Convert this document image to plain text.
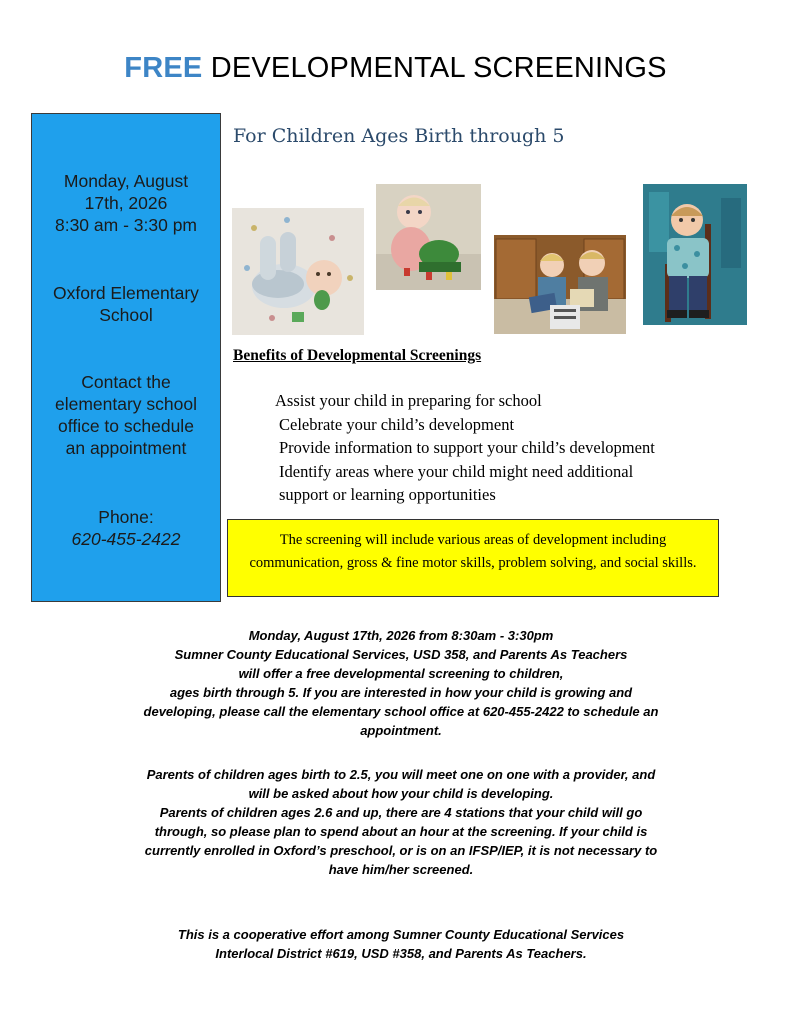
FREE DEVELOPMENTAL SCREENINGS
Monday, August
17th, 2026
8:30 am - 3:30 pm
Oxford Elementary
School
Contact the
elementary school
office to schedule
an appointment
Phone:
620-455-2422
For Children Ages Birth through 5
Benefits of Developmental Screenings
Assist your child in preparing for school
Celebrate your child’s development
Provide information to support your child’s development
Identify areas where your child might need additional
support or learning opportunities
The screening will include various areas of development including
communication, gross & fine motor skills, problem solving, and social skills.

Monday, August 17th, 2026 from 8:30am - 3:30pm

Sumner County Educational Services, USD 358, and Parents As Teachers

will offer a free developmental screening to children,

ages birth through 5. If you are interested in how your child is growing and

developing, please call the elementary school office at 620-455-2422 to schedule an

appointment.

Parents of children ages birth to 2.5, you will meet one on one with a provider, and

will be asked about how your child is developing.

Parents of children ages 2.6 and up, there are 4 stations that your child will go

through, so please plan to spend about an hour at the screening. If your child is

currently enrolled in Oxford’s preschool, or is on an IFSP/IEP, it is not necessary to

have him/her screened.

This is a cooperative effort among Sumner County Educational Services

Interlocal District #619, USD #358, and Parents As Teachers.
